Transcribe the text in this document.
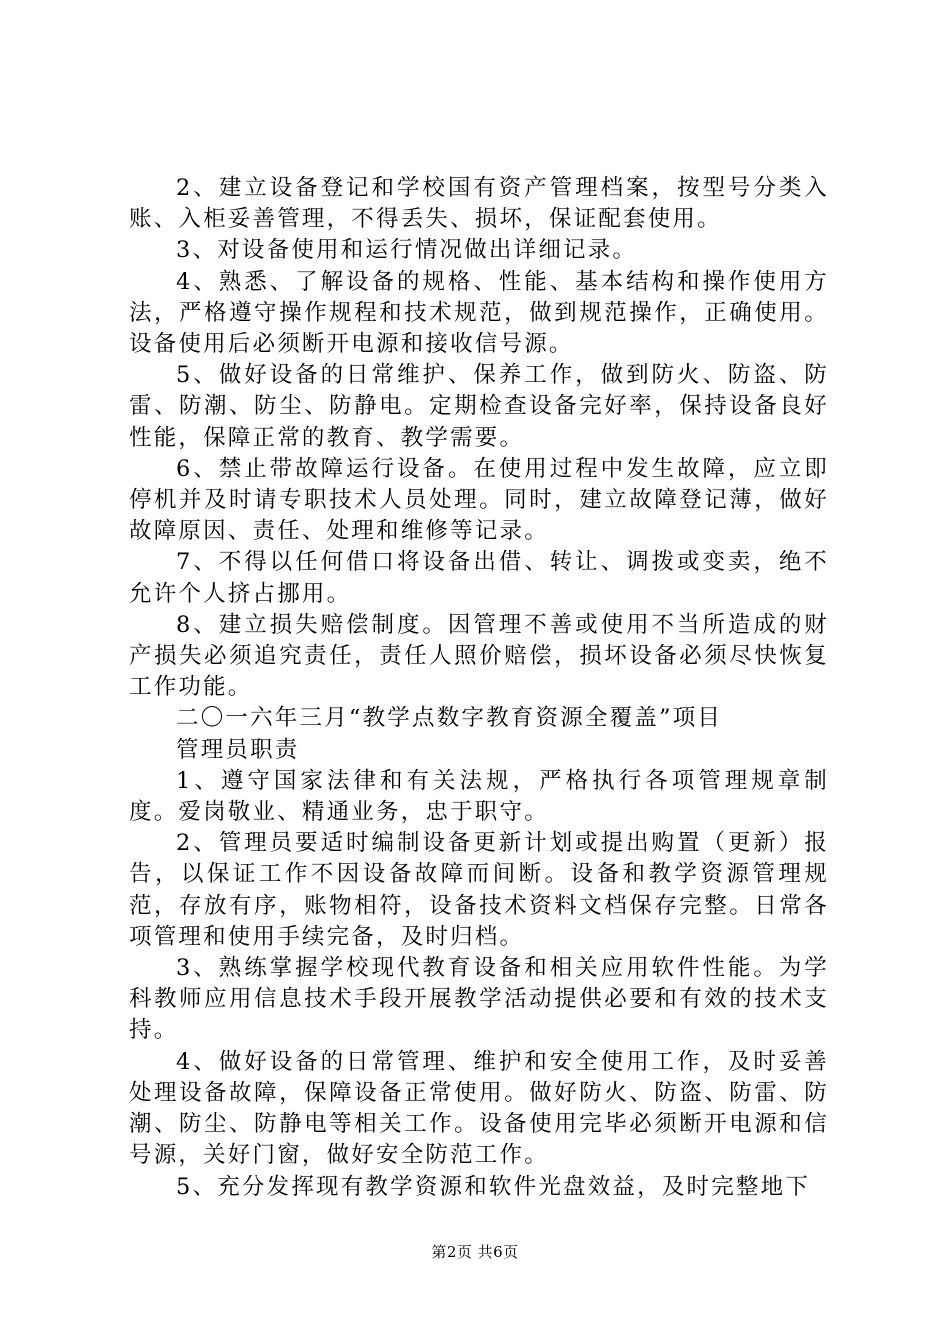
2、建立设备登记和学校国有资产管理档案，按型号分类入账、入柜妥善管理，不得丢失、损坏，保证配套使用。

3、对设备使用和运行情况做出详细记录。

4、熟悉、了解设备的规格、性能、基本结构和操作使用方法，严格遵守操作规程和技术规范，做到规范操作，正确使用。设备使用后必须断开电源和接收信号源。

5、做好设备的日常维护、保养工作，做到防火、防盗、防雷、防潮、防尘、防静电。定期检查设备完好率，保持设备良好性能，保障正常的教育、教学需要。

6、禁止带故障运行设备。在使用过程中发生故障，应立即停机并及时请专职技术人员处理。同时，建立故障登记薄，做好故障原因、责任、处理和维修等记录。

7、不得以任何借口将设备出借、转让、调拨或变卖，绝不允许个人挤占挪用。

8、建立损失赔偿制度。因管理不善或使用不当所造成的财产损失必须追究责任，责任人照价赔偿，损坏设备必须尽快恢复工作功能。

二〇一六年三月“教学点数字教育资源全覆盖”项目

管理员职责

1、遵守国家法律和有关法规，严格执行各项管理规章制度。爱岗敬业、精通业务，忠于职守。

2、管理员要适时编制设备更新计划或提出购置（更新）报告，以保证工作不因设备故障而间断。设备和教学资源管理规范，存放有序，账物相符，设备技术资料文档保存完整。日常各项管理和使用手续完备，及时归档。

3、熟练掌握学校现代教育设备和相关应用软件性能。为学科教师应用信息技术手段开展教学活动提供必要和有效的技术支持。

4、做好设备的日常管理、维护和安全使用工作，及时妥善处理设备故障，保障设备正常使用。做好防火、防盗、防雷、防潮、防尘、防静电等相关工作。设备使用完毕必须断开电源和信号源，关好门窗，做好安全防范工作。

5、充分发挥现有教学资源和软件光盘效益，及时完整地下

第2页 共6页
